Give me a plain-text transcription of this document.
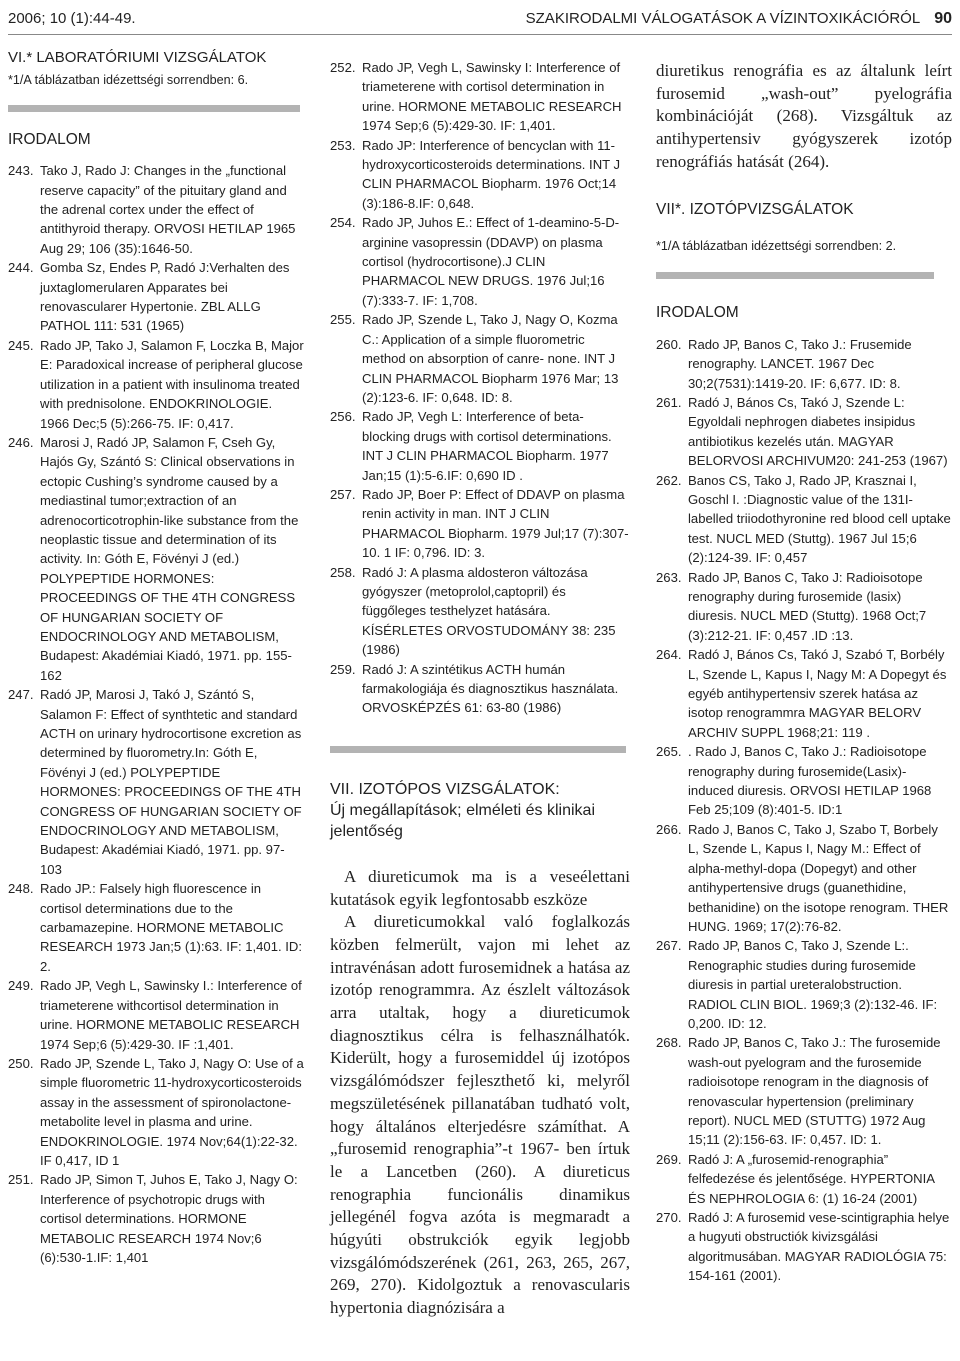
2006; 10 (1):44-49.	SZAKIRODALMI VÁLOGATÁSOK A VÍZINTOXIKÁCIÓRÓL 90
VI.* LABORATÓRIUMI VIZSGÁLATOK
*1/A táblázatban idézettségi sorrendben: 6.
IRODALOM
243. Tako J, Rado J: Changes in the „functional reserve capacity” of the pituitary gland and the adrenal cortex under the effect of antithyroid therapy. ORVOSI HETILAP 1965 Aug 29; 106 (35):1646-50.
244. Gomba Sz, Endes P, Radó J:Verhalten des juxtaglomerularen Apparates bei renovascularer Hypertonie. ZBL ALLG PATHOL 111: 531 (1965)
245. Rado JP, Tako J, Salamon F, Loczka B, Major E: Paradoxical increase of peripheral glucose utilization in a patient with insulinoma treated with prednisolone. ENDOKRINOLOGIE. 1966 Dec;5 (5):266-75. IF: 0,417.
246. Marosi J, Radó JP, Salamon F, Cseh Gy, Hajós Gy, Szántó S: Clinical observations in ectopic Cushing’s syndrome caused by a mediastinal tumor;extraction of an adrenocorticotrophin-like substance from the neoplastic tissue and determination of its activity. In: Góth E, Fövényi J (ed.) POLYPEPTIDE HORMONES: PROCEEDINGS OF THE 4TH CONGRESS OF HUNGARIAN SOCIETY OF ENDOCRINOLOGY AND METABOLISM, Budapest: Akadémiai Kiadó, 1971. pp. 155-162
247. Radó JP, Marosi J, Takó J, Szántó S, Salamon F: Effect of synthtetic and standard ACTH on urinary hydrocortisone excretion as determined by fluorometry.In: Góth E, Fövényi J (ed.) POLYPEPTIDE HORMONES: PROCEEDINGS OF THE 4TH CONGRESS OF HUNGARIAN SOCIETY OF ENDOCRINOLOGY AND METABOLISM, Budapest: Akadémiai Kiadó, 1971. pp. 97-103
248. Rado JP.: Falsely high fluorescence in cortisol determinations due to the carbamazepine. HORMONE METABOLIC RESEARCH 1973 Jan;5 (1):63. IF: 1,401. ID: 2.
249. Rado JP, Vegh L, Sawinsky I.: Interference of triameterene withcortisol determination in urine. HORMONE METABOLIC RESEARCH 1974 Sep;6 (5):429-30. IF :1,401.
250. Rado JP, Szende L, Tako J, Nagy O: Use of a simple fluorometric 11-hydroxycorticosteroids assay in the assessment of spironolactone-metabolite level in plasma and urine. ENDOKRINOLOGIE. 1974 Nov;64(1):22-32. IF 0,417, ID 1
251. Rado JP, Simon T, Juhos E, Tako J, Nagy O: Interference of psychotropic drugs with cortisol determinations. HORMONE METABOLIC RESEARCH 1974 Nov;6 (6):530-1.IF: 1,401
252. Rado JP, Vegh L, Sawinsky I: Interference of triameterene with cortisol determination in urine. HORMONE METABOLIC RESEARCH 1974 Sep;6 (5):429-30. IF: 1,401.
253. Rado JP: Interference of bencyclan with 11-hydroxycorticosteroids determinations. INT J CLIN PHARMACOL Biopharm. 1976 Oct;14 (3):186-8.IF: 0,648.
254. Rado JP, Juhos E.: Effect of 1-deamino-5-D-arginine vasopressin (DDAVP) on plasma cortisol (hydrocortisone).J CLIN PHARMACOL NEW DRUGS. 1976 Jul;16 (7):333-7. IF: 1,708.
255. Rado JP, Szende L, Tako J, Nagy O, Kozma C.: Application of a simple fluorometric method on absorption of canre- none. INT J CLIN PHARMACOL Biopharm 1976 Mar; 13 (2):123-6. IF: 0,648. ID: 8.
256. Rado JP, Vegh L: Interference of beta-blocking drugs with cortisol determinations. INT J CLIN PHARMACOL Biopharm. 1977 Jan;15 (1):5-6.IF: 0,690 ID .
257. Rado JP, Boer P: Effect of DDAVP on plasma renin activity in man. INT J CLIN PHARMACOL Biopharm. 1979 Jul;17 (7):307-10. 1 IF: 0,796. ID: 3.
258. Radó J: A plasma aldosteron változása gyógyszer (metoprolol,captopril) és függőleges testhelyzet hatására. KÍSÉRLETES ORVOSTUDOMÁNY 38: 235 (1986)
259. Radó J: A szintétikus ACTH humán farmakologiája és diagnosztikus használata. ORVOSKÉPZÉS 61: 63-80 (1986)
VII. IZOTÓPOS VIZSGÁLATOK:
Új megállapítások; elméleti és klinikai jelentőség

A diureticumok ma is a veseélettani kutatások egyik legfontosabb eszköze

A diureticumokkal való foglalkozás közben felmerült, vajon mi lehet az intravénásan adott furosemidnek a hatása az izotóp renogrammra. Az észlelt változások arra utaltak, hogy a diureticumok diagnosztikus célra is felhasználhatók. Kiderült, hogy a furosemiddel új izotópos vizsgálómódszer fejleszthető ki, melyről megszületésének pillanatában tudható volt, hogy általános elterjedésre számíthat. A „furosemid renographia”-t 1967- ben írtuk le a Lancetben (260). A diureticus renographia funcionális dinamikus jellegénél fogva azóta is megmaradt a húgyúti obstrukciók egyik legjobb vizsgálómódszerének (261, 263, 265, 267, 269, 270). Kidolgoztuk a renovascularis hypertonia diagnózisára a

diuretikus renográfia es az általunk leírt furosemid „wash-out” pyelográfia kombinációját (268). Vizsgáltuk az antihypertensiv gyógyszerek izotóp renográfiás hatását (264).

VII*. IZOTÓPVIZSGÁLATOK
*1/A táblázatban idézettségi sorrendben: 2.
IRODALOM
260. Rado JP, Banos C, Tako J.: Frusemide renography. LANCET. 1967 Dec 30;2(7531):1419-20. IF: 6,677. ID: 8.
261. Radó J, Bános Cs, Takó J, Szende L: Egyoldali nephrogen diabetes insipidus antibiotikus kezelés után. MAGYAR BELORVOSI ARCHIVUM20: 241-253 (1967)
262. Banos CS, Tako J, Rado JP, Krasznai I, Goschl I. :Diagnostic value of the 131I-labelled triiodothyronine red blood cell uptake test. NUCL MED (Stuttg). 1967 Jul 15;6 (2):124-39. IF: 0,457
263. Rado JP, Banos C, Tako J: Radioisotope renography during furosemide (lasix) diuresis. NUCL MED (Stuttg). 1968 Oct;7 (3):212-21. IF: 0,457 .ID :13.
264. Radó J, Bános Cs, Takó J, Szabó T, Borbély L, Szende L, Kapus I, Nagy M: A Dopegyt és egyéb antihypertensiv szerek hatása az isotop renogrammra MAGYAR BELORV ARCHIV SUPPL 1968;21: 119 .
265. . Rado J, Banos C, Tako J.: Radioisotope renography during furosemide(Lasix)-induced diuresis. ORVOSI HETILAP 1968 Feb 25;109 (8):401-5. ID:1
266. Rado J, Banos C, Tako J, Szabo T, Borbely L, Szende L, Kapus I, Nagy M.: Effect of alpha-methyl-dopa (Dopegyt) and other antihypertensive drugs (guanethidine, bethanidine) on the isotope renogram. THER HUNG. 1969; 17(2):76-82.
267. Rado JP, Banos C, Tako J, Szende L:. Renographic studies during furosemide diuresis in partial ureteralobstruction. RADIOL CLIN BIOL. 1969;3 (2):132-46. IF: 0,200. ID: 12.
268. Rado JP, Banos C, Tako J.: The furosemide wash-out pyelogram and the furosemide radioisotope renogram in the diagnosis of renovascular hypertension (preliminary report). NUCL MED (STUTTG) 1972 Aug 15;11 (2):156-63. IF: 0,457. ID: 1.
269. Radó J: A „furosemid-renographia” felfedezése és jelentősége. HYPERTONIA ÉS NEPHROLOGIA 6: (1) 16-24 (2001)
270. Radó J: A furosemid vese-scintigraphia helye a hugyuti obstructiók kivizsgálási algoritmusában. MAGYAR RADIOLÓGIA 75: 154-161 (2001).
